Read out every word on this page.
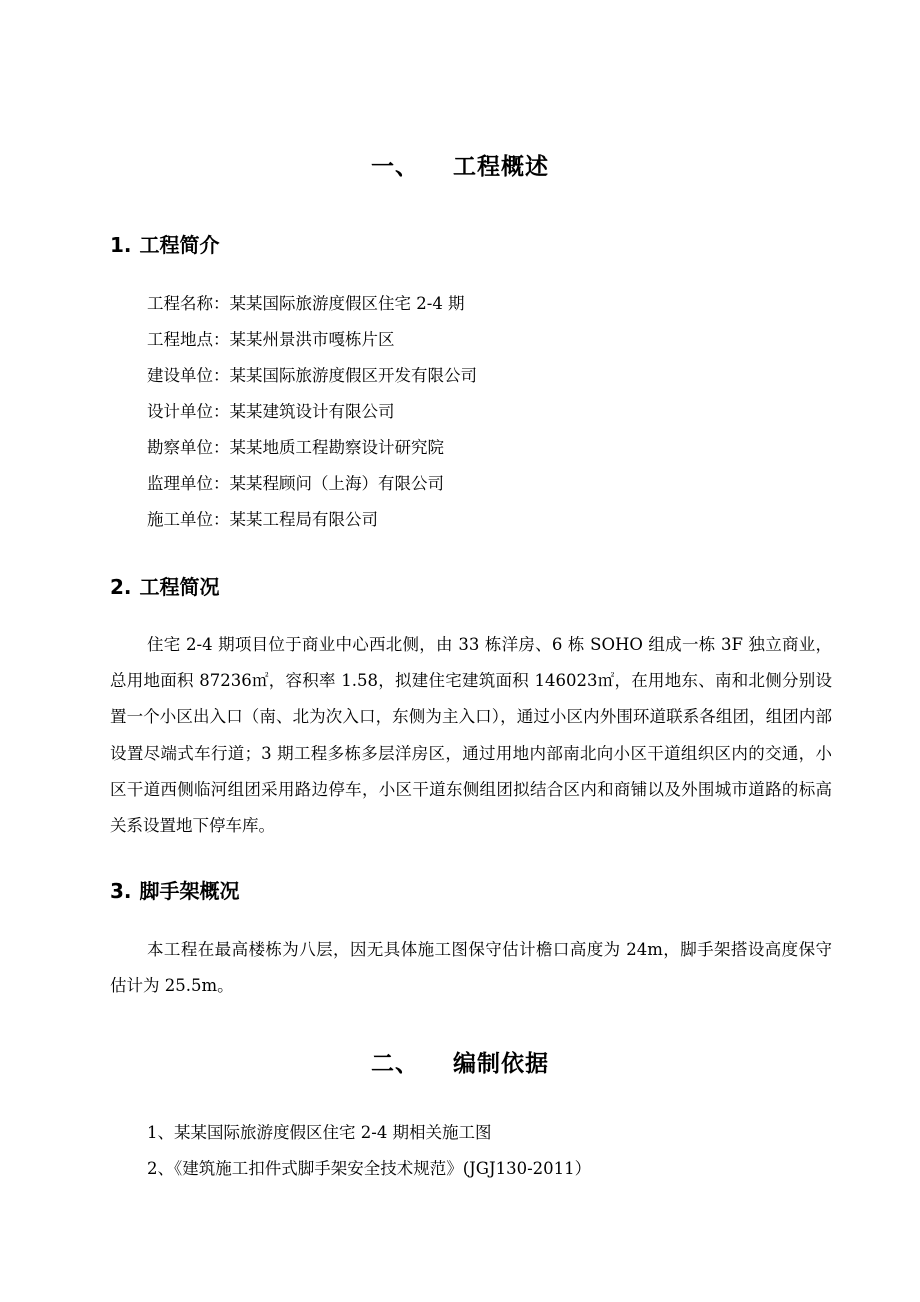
一、 工程概述
1. 工程简介
工程名称：某某国际旅游度假区住宅 2-4 期
工程地点：某某州景洪市嘎栋片区
建设单位：某某国际旅游度假区开发有限公司
设计单位：某某建筑设计有限公司
勘察单位：某某地质工程勘察设计研究院
监理单位：某某程顾问（上海）有限公司
施工单位：某某工程局有限公司
2. 工程简况

住宅 2-4 期项目位于商业中心西北侧，由 33 栋洋房、6 栋 SOHO 组成一栋 3F 独立商业，总用地面积 87236㎡，容积率 1.58，拟建住宅建筑面积 146023㎡，在用地东、南和北侧分别设置一个小区出入口（南、北为次入口，东侧为主入口），通过小区内外围环道联系各组团，组团内部设置尽端式车行道；3 期工程多栋多层洋房区，通过用地内部南北向小区干道组织区内的交通，小区干道西侧临河组团采用路边停车，小区干道东侧组团拟结合区内和商铺以及外围城市道路的标高关系设置地下停车库。

3. 脚手架概况

本工程在最高楼栋为八层，因无具体施工图保守估计檐口高度为 24m，脚手架搭设高度保守估计为 25.5m。

二、 编制依据
1、某某国际旅游度假区住宅 2-4 期相关施工图
2、《建筑施工扣件式脚手架安全技术规范》(JGJ130-2011）
